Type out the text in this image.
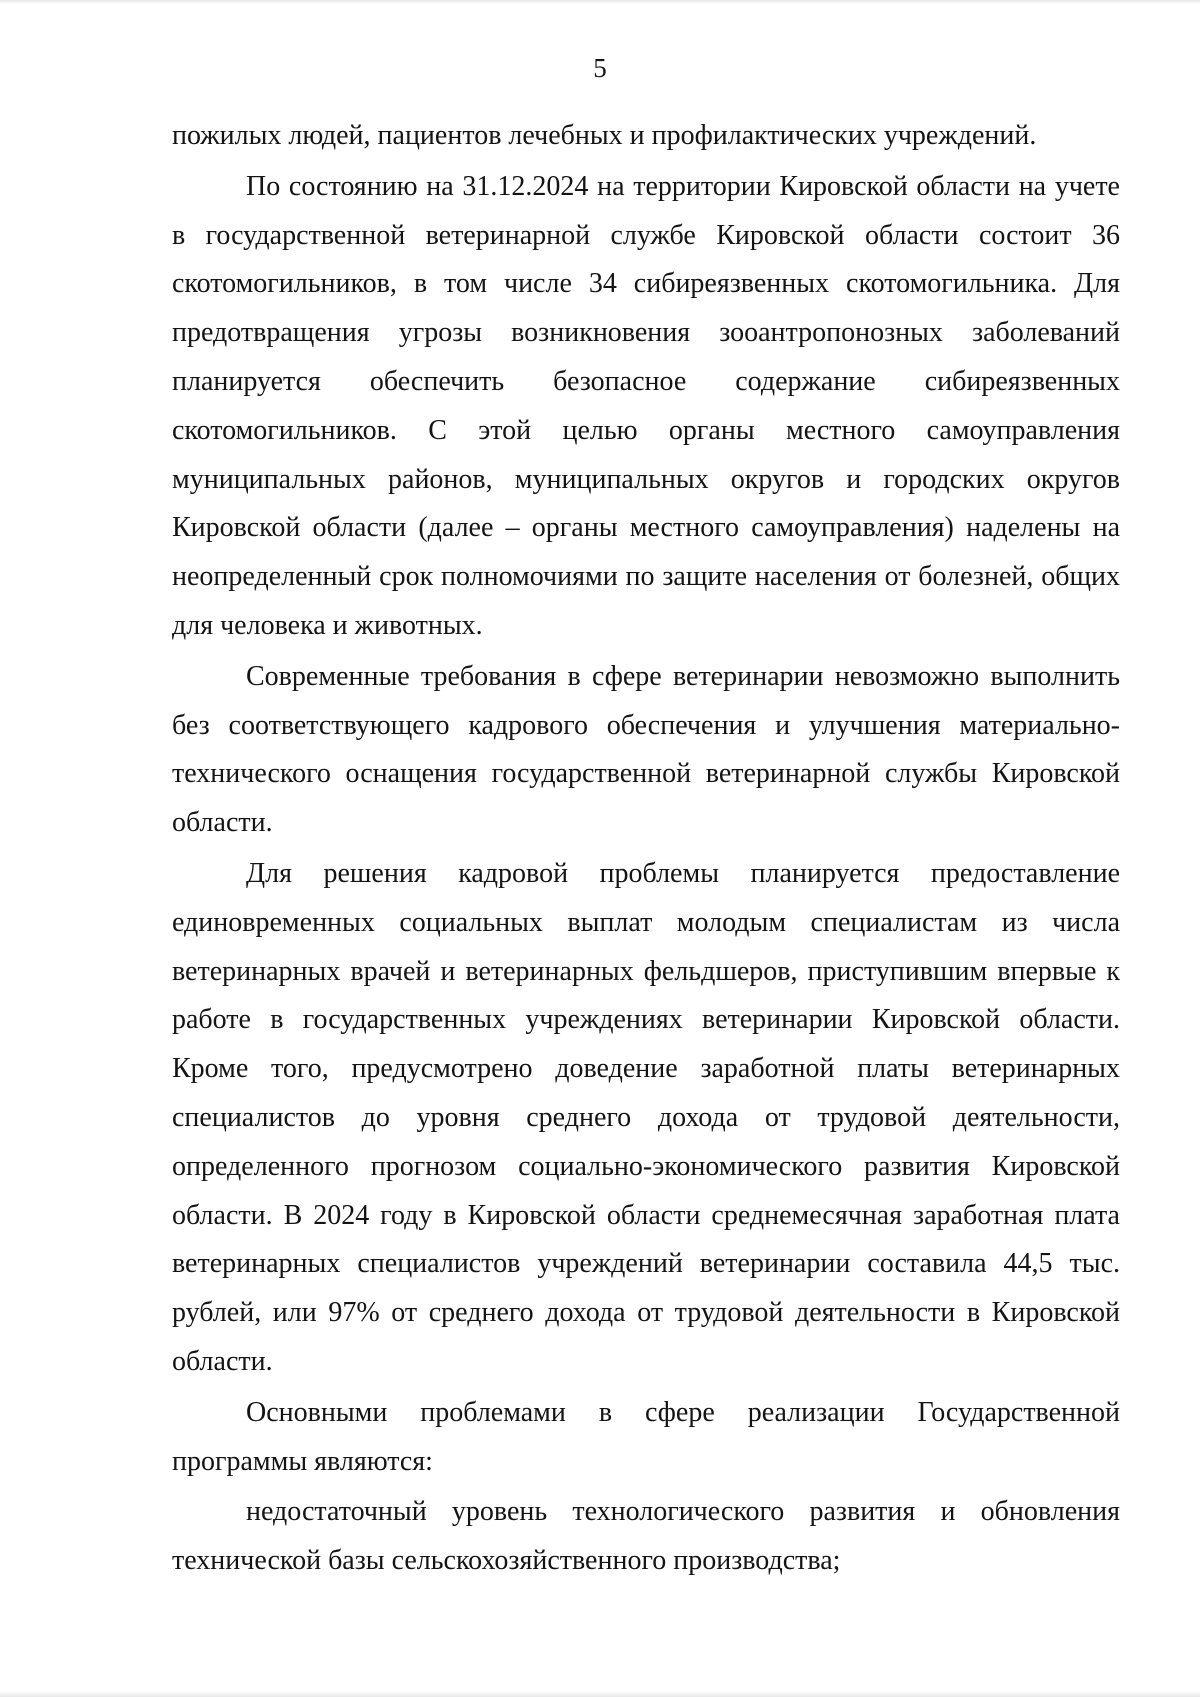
5

пожилых людей, пациентов лечебных и профилактических учреждений.

По состоянию на 31.12.2024 на территории Кировской области на учете в государственной ветеринарной службе Кировской области состоит 36 скотомогильников, в том числе 34 сибиреязвенных скотомогильника. Для предотвращения угрозы возникновения зооантропонозных заболеваний планируется обеспечить безопасное содержание сибиреязвенных скотомогильников. С этой целью органы местного самоуправления муниципальных районов, муниципальных округов и городских округов Кировской области (далее – органы местного самоуправления) наделены на неопределенный срок полномочиями по защите населения от болезней, общих для человека и животных.

Современные требования в сфере ветеринарии невозможно выполнить без соответствующего кадрового обеспечения и улучшения материально-технического оснащения государственной ветеринарной службы Кировской области.

Для решения кадровой проблемы планируется предоставление единовременных социальных выплат молодым специалистам из числа ветеринарных врачей и ветеринарных фельдшеров, приступившим впервые к работе в государственных учреждениях ветеринарии Кировской области. Кроме того, предусмотрено доведение заработной платы ветеринарных специалистов до уровня среднего дохода от трудовой деятельности, определенного прогнозом социально-экономического развития Кировской области. В 2024 году в Кировской области среднемесячная заработная плата ветеринарных специалистов учреждений ветеринарии составила 44,5 тыс. рублей, или 97% от среднего дохода от трудовой деятельности в Кировской области.

Основными проблемами в сфере реализации Государственной программы являются:

недостаточный уровень технологического развития и обновления технической базы сельскохозяйственного производства;
